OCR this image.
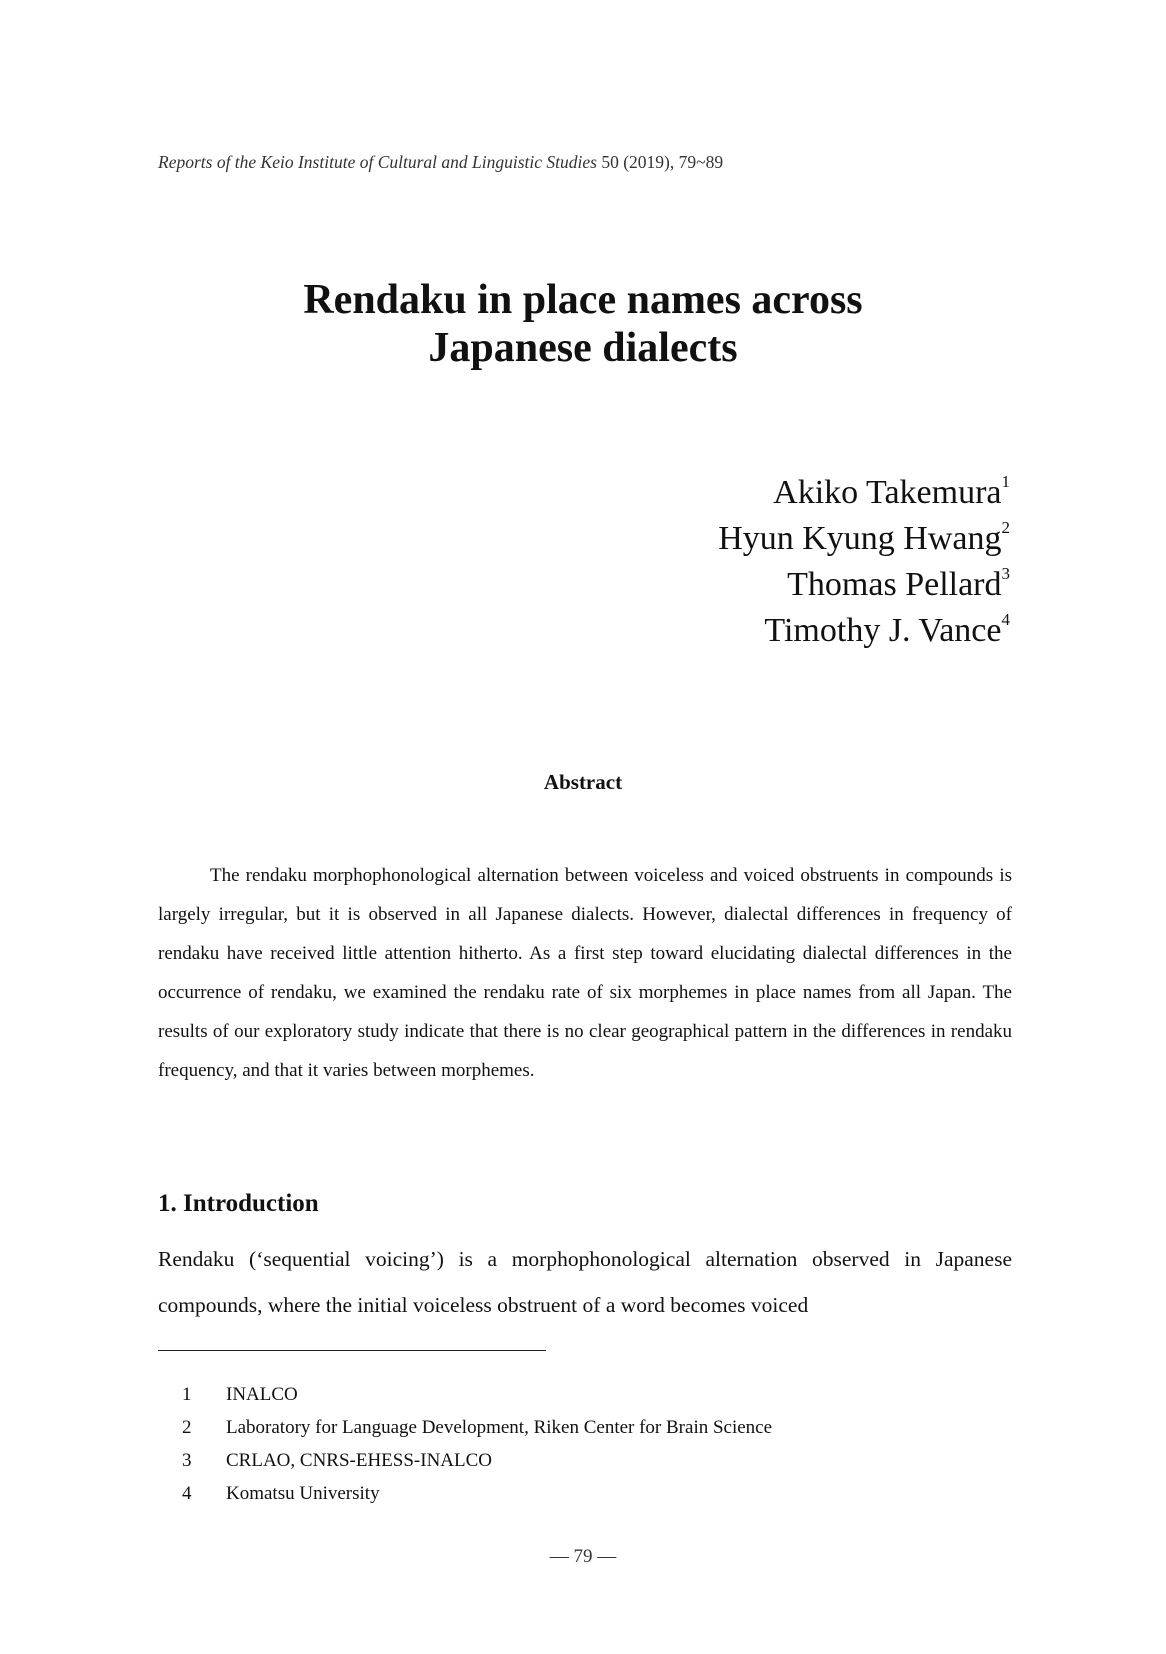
Reports of the Keio Institute of Cultural and Linguistic Studies 50 (2019), 79~89
Rendaku in place names across
Japanese dialects
Akiko Takemura$^1$
Hyun Kyung Hwang$^2$
Thomas Pellard$^3$
Timothy J. Vance$^4$
Abstract

The rendaku morphophonological alternation between voiceless and voiced obstruents in compounds is largely irregular, but it is observed in all Japanese dialects. However, dialectal differences in frequency of rendaku have received little attention hitherto. As a first step toward elucidating dialectal differences in the occurrence of rendaku, we examined the rendaku rate of six morphemes in place names from all Japan. The results of our exploratory study indicate that there is no clear geographical pattern in the differences in rendaku frequency, and that it varies between morphemes.

1. Introduction

Rendaku (‘sequential voicing’) is a morphophonological alternation observed in Japanese compounds, where the initial voiceless obstruent of a word becomes voiced

1	INALCO
2	Laboratory for Language Development, Riken Center for Brain Science
3	CRLAO, CNRS-EHESS-INALCO
4	Komatsu University
— 79 —
